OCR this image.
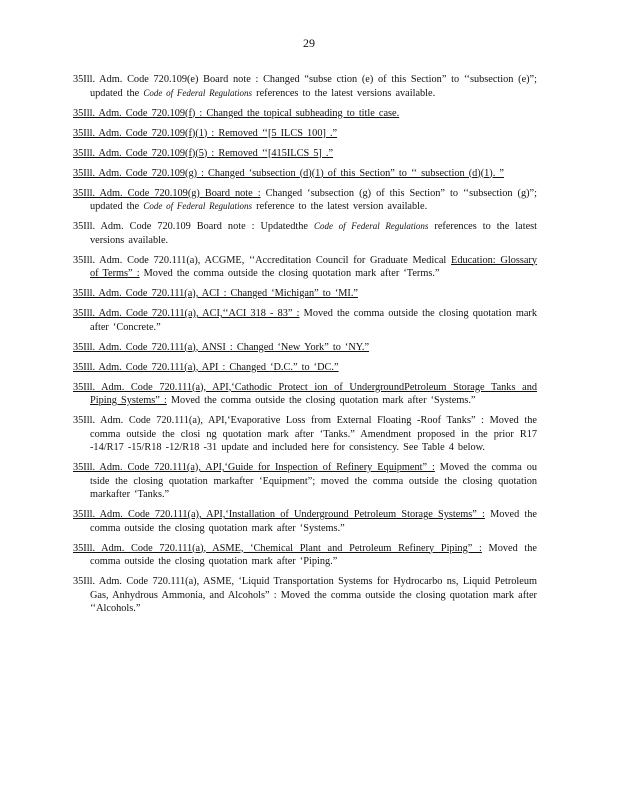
29

35Ill. Adm. Code 720.109(e) Board note : Changed “subse ction (e) of this Section” to ‘‘subsection (e)”; updated the Code of Federal Regulations references to the latest versions available.

35Ill. Adm. Code 720.109(f) : Changed the topical subheading to title case.

35Ill. Adm. Code 720.109(f)(1) : Removed ‘‘[5 ILCS 100] .”

35Ill. Adm. Code 720.109(f)(5) : Removed ‘‘[415ILCS 5] .”

35Ill. Adm. Code 720.109(g) : Changed ‘subsection (d)(1) of this Section” to ‘‘ subsection (d)(1). ”

35Ill. Adm. Code 720.109(g) Board note : Changed ‘subsection (g) of this Section” to ‘‘subsection (g)”; updated the Code of Federal Regulations reference to the latest version available.

35Ill. Adm. Code 720.109 Board note : Updatedthe Code of Federal Regulations references to the latest versions available.

35Ill. Adm. Code 720.111(a), ACGME, ‘‘Accreditation Council for Graduate Medical Education: Glossary of Terms” : Moved the comma outside the closing quotation mark after ‘Terms.”

35Ill. Adm. Code 720.111(a), ACI : Changed ‘Michigan” to ‘MI.”

35Ill. Adm. Code 720.111(a), ACI,‘‘ACI 318 - 83” : Moved the comma outside the closing quotation mark after ‘Concrete.”

35Ill. Adm. Code 720.111(a), ANSI : Changed ‘New York” to ‘NY.”

35Ill. Adm. Code 720.111(a), API : Changed ‘D.C.” to ‘DC.”

35Ill. Adm. Code 720.111(a), API,‘Cathodic Protect ion of UndergroundPetroleum Storage Tanks and Piping Systems” : Moved the comma outside the closing quotation mark after ‘Systems.”

35Ill. Adm. Code 720.111(a), API,‘Evaporative Loss from External Floating -Roof Tanks” : Moved the comma outside the closi ng quotation mark after ‘Tanks.” Amendment proposed in the prior R17 -14/R17 -15/R18 -12/R18 -31 update and included here for consistency. See Table 4 below.

35Ill. Adm. Code 720.111(a), API,‘Guide for Inspection of Refinery Equipment” : Moved the comma ou tside the closing quotation markafter ‘Equipment”; moved the comma outside the closing quotation markafter ‘Tanks.”

35Ill. Adm. Code 720.111(a), API,‘Installation of Underground Petroleum Storage Systems” : Moved the comma outside the closing quotation mark after ‘Systems.”

35Ill. Adm. Code 720.111(a), ASME, ‘Chemical Plant and Petroleum Refinery Piping” : Moved the comma outside the closing quotation mark after ‘Piping.”

35Ill. Adm. Code 720.111(a), ASME, ‘Liquid Transportation Systems for Hydrocarbo ns, Liquid Petroleum Gas, Anhydrous Ammonia, and Alcohols” : Moved the comma outside the closing quotation mark after ‘‘Alcohols.”
